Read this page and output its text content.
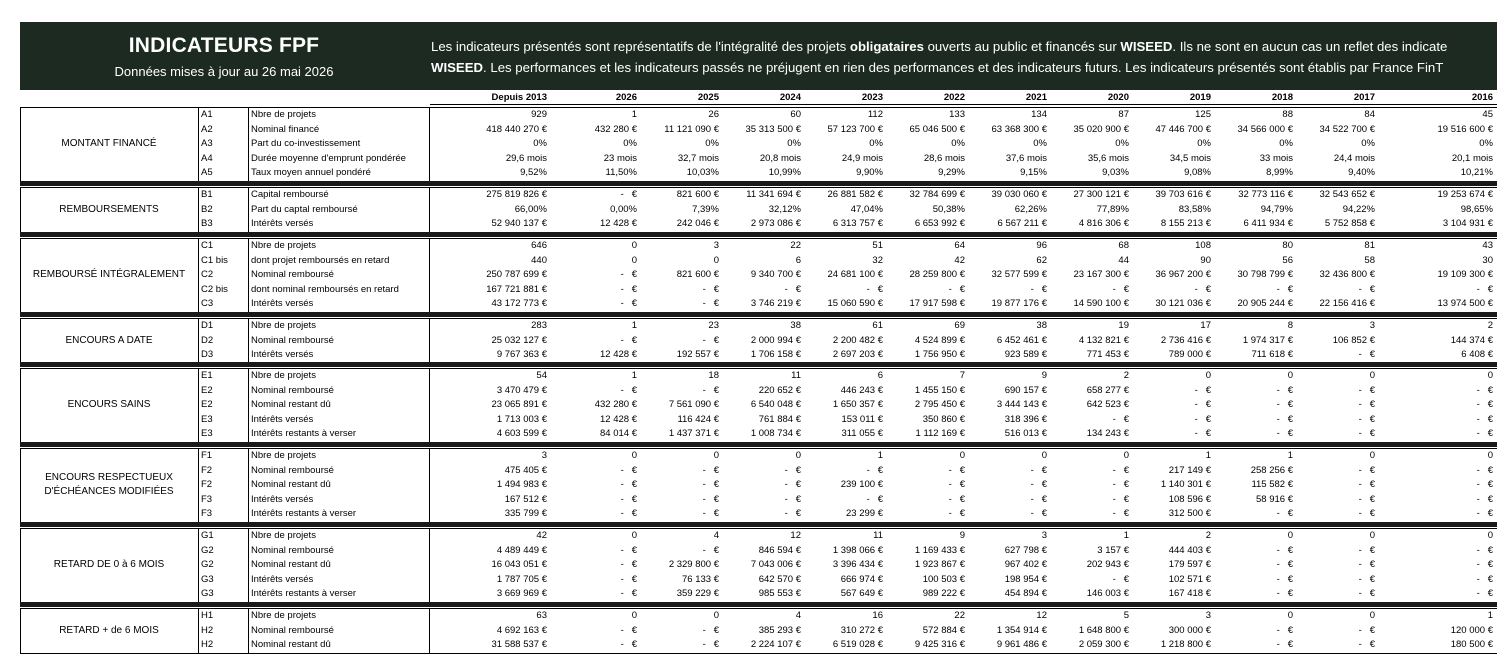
INDICATEURS FPF
Données mises à jour au 26 mai 2026
Les indicateurs présentés sont représentatifs de l'intégralité des projets obligataires ouverts au public et financés sur WISEED. Ils ne sont en aucun cas un reflet des indicate
WISEED. Les performances et les indicateurs passés ne préjugent en rien des performances et des indicateurs futurs. Les indicateurs présentés sont établis par France FinT
Depuis 2013	2026	2025	2024	2023	2022	2021	2020	2019	2018	2017	2016
MONTANT FINANCÉ
A1	Nbre de projets	929	1	26	60	112	133	134	87	125	88	84	45
A2	Nominal financé	418 440 270 €	432 280 €	11 121 090 €	35 313 500 €	57 123 700 €	65 046 500 €	63 368 300 €	35 020 900 €	47 446 700 €	34 566 000 €	34 522 700 €	19 516 600 €
A3	Part du co-investissement	0%	0%	0%	0%	0%	0%	0%	0%	0%	0%	0%	0%
A4	Durée moyenne d'emprunt pondérée	29,6 mois	23 mois	32,7 mois	20,8 mois	24,9 mois	28,6 mois	37,6 mois	35,6 mois	34,5 mois	33 mois	24,4 mois	20,1 mois
A5	Taux moyen annuel pondéré	9,52%	11,50%	10,03%	10,99%	9,90%	9,29%	9,15%	9,03%	9,08%	8,99%	9,40%	10,21%
REMBOURSEMENTS
B1	Capital remboursé	275 819 826 €	-   €	821 600 €	11 341 694 €	26 881 582 €	32 784 699 €	39 030 060 €	27 300 121 €	39 703 616 €	32 773 116 €	32 543 652 €	19 253 674 €
B2	Part du captal remboursé	66,00%	0,00%	7,39%	32,12%	47,04%	50,38%	62,26%	77,89%	83,58%	94,79%	94,22%	98,65%
B3	Intérêts versés	52 940 137 €	12 428 €	242 046 €	2 973 086 €	6 313 757 €	6 653 992 €	6 567 211 €	4 816 306 €	8 155 213 €	6 411 934 €	5 752 858 €	3 104 931 €
REMBOURSÉ INTÉGRALEMENT
C1	Nbre de projets	646	0	3	22	51	64	96	68	108	80	81	43
C1 bis	dont projet remboursés en retard	440	0	0	6	32	42	62	44	90	56	58	30
C2	Nominal remboursé	250 787 699 €	-   €	821 600 €	9 340 700 €	24 681 100 €	28 259 800 €	32 577 599 €	23 167 300 €	36 967 200 €	30 798 799 €	32 436 800 €	19 109 300 €
C2 bis	dont nominal remboursés en retard	167 721 881 €	-   €	-   €	-   €	-   €	-   €	-   €	-   €	-   €	-   €	-   €	-   €
C3	Intérêts versés	43 172 773 €	-   €	-   €	3 746 219 €	15 060 590 €	17 917 598 €	19 877 176 €	14 590 100 €	30 121 036 €	20 905 244 €	22 156 416 €	13 974 500 €
ENCOURS A DATE
D1	Nbre de projets	283	1	23	38	61	69	38	19	17	8	3	2
D2	Nominal remboursé	25 032 127 €	-   €	-   €	2 000 994 €	2 200 482 €	4 524 899 €	6 452 461 €	4 132 821 €	2 736 416 €	1 974 317 €	106 852 €	144 374 €
D3	Intérêts versés	9 767 363 €	12 428 €	192 557 €	1 706 158 €	2 697 203 €	1 756 950 €	923 589 €	771 453 €	789 000 €	711 618 €	-   €	6 408 €
ENCOURS SAINS
E1	Nbre de projets	54	1	18	11	6	7	9	2	0	0	0	0
E2	Nominal remboursé	3 470 479 €	-   €	-   €	220 652 €	446 243 €	1 455 150 €	690 157 €	658 277 €	-   €	-   €	-   €	-   €
E2	Nominal restant dû	23 065 891 €	432 280 €	7 561 090 €	6 540 048 €	1 650 357 €	2 795 450 €	3 444 143 €	642 523 €	-   €	-   €	-   €	-   €
E3	Intérêts versés	1 713 003 €	12 428 €	116 424 €	761 884 €	153 011 €	350 860 €	318 396 €	-   €	-   €	-   €	-   €	-   €
E3	Intérêts restants à verser	4 603 599 €	84 014 €	1 437 371 €	1 008 734 €	311 055 €	1 112 169 €	516 013 €	134 243 €	-   €	-   €	-   €	-   €
ENCOURS RESPECTUEUX
D'ÉCHÉANCES MODIFIÉES
F1	Nbre de projets	3	0	0	0	1	0	0	0	1	1	0	0
F2	Nominal remboursé	475 405 €	-   €	-   €	-   €	-   €	-   €	-   €	-   €	217 149 €	258 256 €	-   €	-   €
F2	Nominal restant dû	1 494 983 €	-   €	-   €	-   €	239 100 €	-   €	-   €	-   €	1 140 301 €	115 582 €	-   €	-   €
F3	Intérêts versés	167 512 €	-   €	-   €	-   €	-   €	-   €	-   €	-   €	108 596 €	58 916 €	-   €	-   €
F3	Intérêts restants à verser	335 799 €	-   €	-   €	-   €	23 299 €	-   €	-   €	-   €	312 500 €	-   €	-   €	-   €
RETARD DE 0 à 6 MOIS
G1	Nbre de projets	42	0	4	12	11	9	3	1	2	0	0	0
G2	Nominal remboursé	4 489 449 €	-   €	-   €	846 594 €	1 398 066 €	1 169 433 €	627 798 €	3 157 €	444 403 €	-   €	-   €	-   €
G2	Nominal restant dû	16 043 051 €	-   €	2 329 800 €	7 043 006 €	3 396 434 €	1 923 867 €	967 402 €	202 943 €	179 597 €	-   €	-   €	-   €
G3	Intérêts versés	1 787 705 €	-   €	76 133 €	642 570 €	666 974 €	100 503 €	198 954 €	-   €	102 571 €	-   €	-   €	-   €
G3	Intérêts restants à verser	3 669 969 €	-   €	359 229 €	985 553 €	567 649 €	989 222 €	454 894 €	146 003 €	167 418 €	-   €	-   €	-   €
RETARD + de 6 MOIS
H1	Nbre de projets	63	0	0	4	16	22	12	5	3	0	0	1
H2	Nominal remboursé	4 692 163 €	-   €	-   €	385 293 €	310 272 €	572 884 €	1 354 914 €	1 648 800 €	300 000 €	-   €	-   €	120 000 €
H2	Nominal restant dû	31 588 537 €	-   €	-   €	2 224 107 €	6 519 028 €	9 425 316 €	9 961 486 €	2 059 300 €	1 218 800 €	-   €	-   €	180 500 €
